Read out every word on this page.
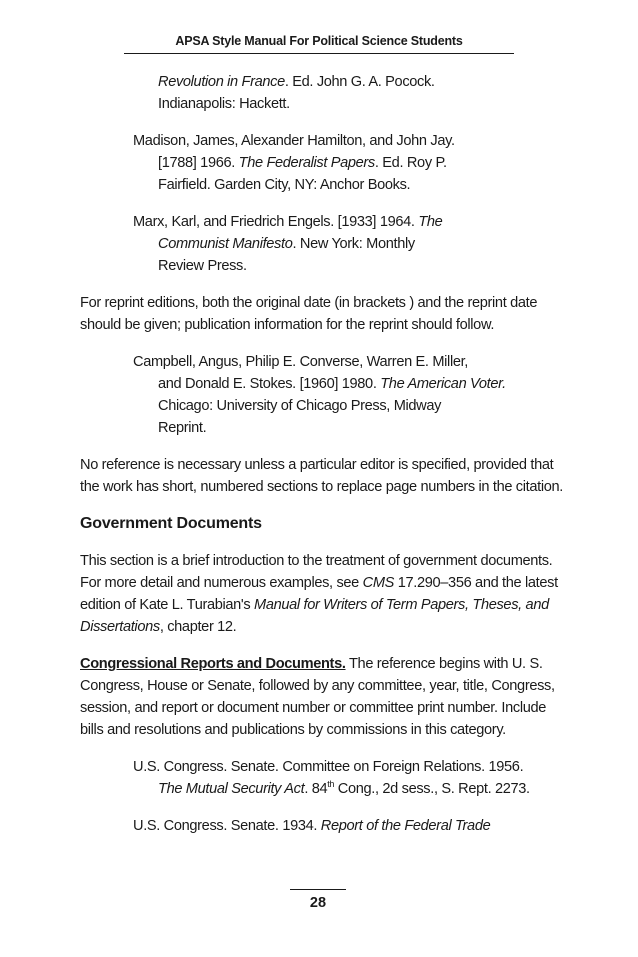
APSA Style Manual For Political Science Students
Revolution in France. Ed. John G. A. Pocock.
Indianapolis: Hackett.
Madison, James, Alexander Hamilton, and John Jay.
[1788] 1966. The Federalist Papers. Ed. Roy P.
Fairfield. Garden City, NY: Anchor Books.
Marx, Karl, and Friedrich Engels. [1933] 1964. The
Communist Manifesto. New York: Monthly
Review Press.

For reprint editions, both the original date (in brackets ) and the reprint date should be given; publication information for the reprint should follow.

Campbell, Angus, Philip E. Converse, Warren E. Miller,
and Donald E. Stokes. [1960] 1980. The American Voter.
Chicago: University of Chicago Press, Midway
Reprint.

No reference is necessary unless a particular editor is specified, provided that the work has short, numbered sections to replace page numbers in the citation.

Government Documents

This section is a brief introduction to the treatment of government documents. For more detail and numerous examples, see CMS 17.290–356 and the latest edition of Kate L. Turabian's Manual for Writers of Term Papers, Theses, and Dissertations, chapter 12.

Congressional Reports and Documents. The reference begins with U. S. Congress, House or Senate, followed by any committee, year, title, Congress, session, and report or document number or committee print number. Include bills and resolutions and publications by commissions in this category.

U.S. Congress. Senate. Committee on Foreign Relations. 1956.
The Mutual Security Act. 84th Cong., 2d sess., S. Rept. 2273.
U.S. Congress. Senate. 1934. Report of the Federal Trade
28
